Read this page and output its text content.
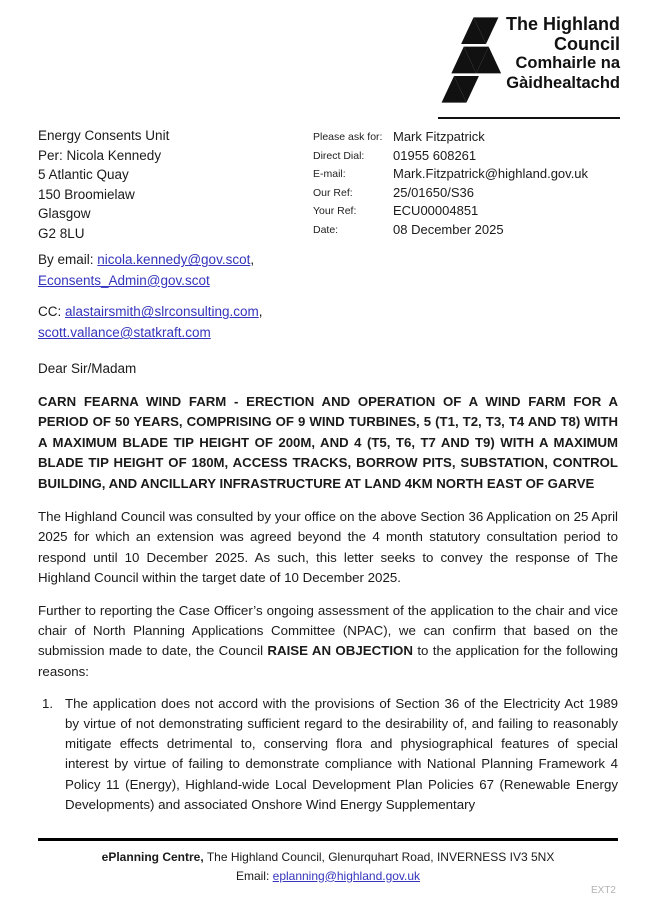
The Highland
Council
Comhairle na
Gàidhealtachd
Energy Consents Unit
Per: Nicola Kennedy
5 Atlantic Quay
150 Broomielaw
Glasgow
G2 8LU
Please ask for: Mark Fitzpatrick
Direct Dial:	01955 608261
E-mail:	Mark.Fitzpatrick@highland.gov.uk
Our Ref:	25/01650/S36
Your Ref:	ECU00004851
Date:	08 December 2025
By email: nicola.kennedy@gov.scot,
Econsents_Admin@gov.scot
CC: alastairsmith@slrconsulting.com,
scott.vallance@statkraft.com
Dear Sir/Madam
CARN FEARNA WIND FARM - ERECTION AND OPERATION OF A WIND FARM FOR A PERIOD OF 50 YEARS, COMPRISING OF 9 WIND TURBINES, 5 (T1, T2, T3, T4 AND T8) WITH A MAXIMUM BLADE TIP HEIGHT OF 200M, AND 4 (T5, T6, T7 AND T9) WITH A MAXIMUM BLADE TIP HEIGHT OF 180M, ACCESS TRACKS, BORROW PITS, SUBSTATION, CONTROL BUILDING, AND ANCILLARY INFRASTRUCTURE AT LAND 4KM NORTH EAST OF GARVE
The Highland Council was consulted by your office on the above Section 36 Application on 25 April 2025 for which an extension was agreed beyond the 4 month statutory consultation period to respond until 10 December 2025. As such, this letter seeks to convey the response of The Highland Council within the target date of 10 December 2025.
Further to reporting the Case Officer’s ongoing assessment of the application to the chair and vice chair of North Planning Applications Committee (NPAC), we can confirm that based on the submission made to date, the Council RAISE AN OBJECTION to the application for the following reasons:
1. The application does not accord with the provisions of Section 36 of the Electricity Act 1989 by virtue of not demonstrating sufficient regard to the desirability of, and failing to reasonably mitigate effects detrimental to, conserving flora and physiographical features of special interest by virtue of failing to demonstrate compliance with National Planning Framework 4 Policy 11 (Energy), Highland-wide Local Development Plan Policies 67 (Renewable Energy Developments) and associated Onshore Wind Energy Supplementary
ePlanning Centre, The Highland Council, Glenurquhart Road, INVERNESS IV3 5NX
Email: eplanning@highland.gov.uk
EXT2
